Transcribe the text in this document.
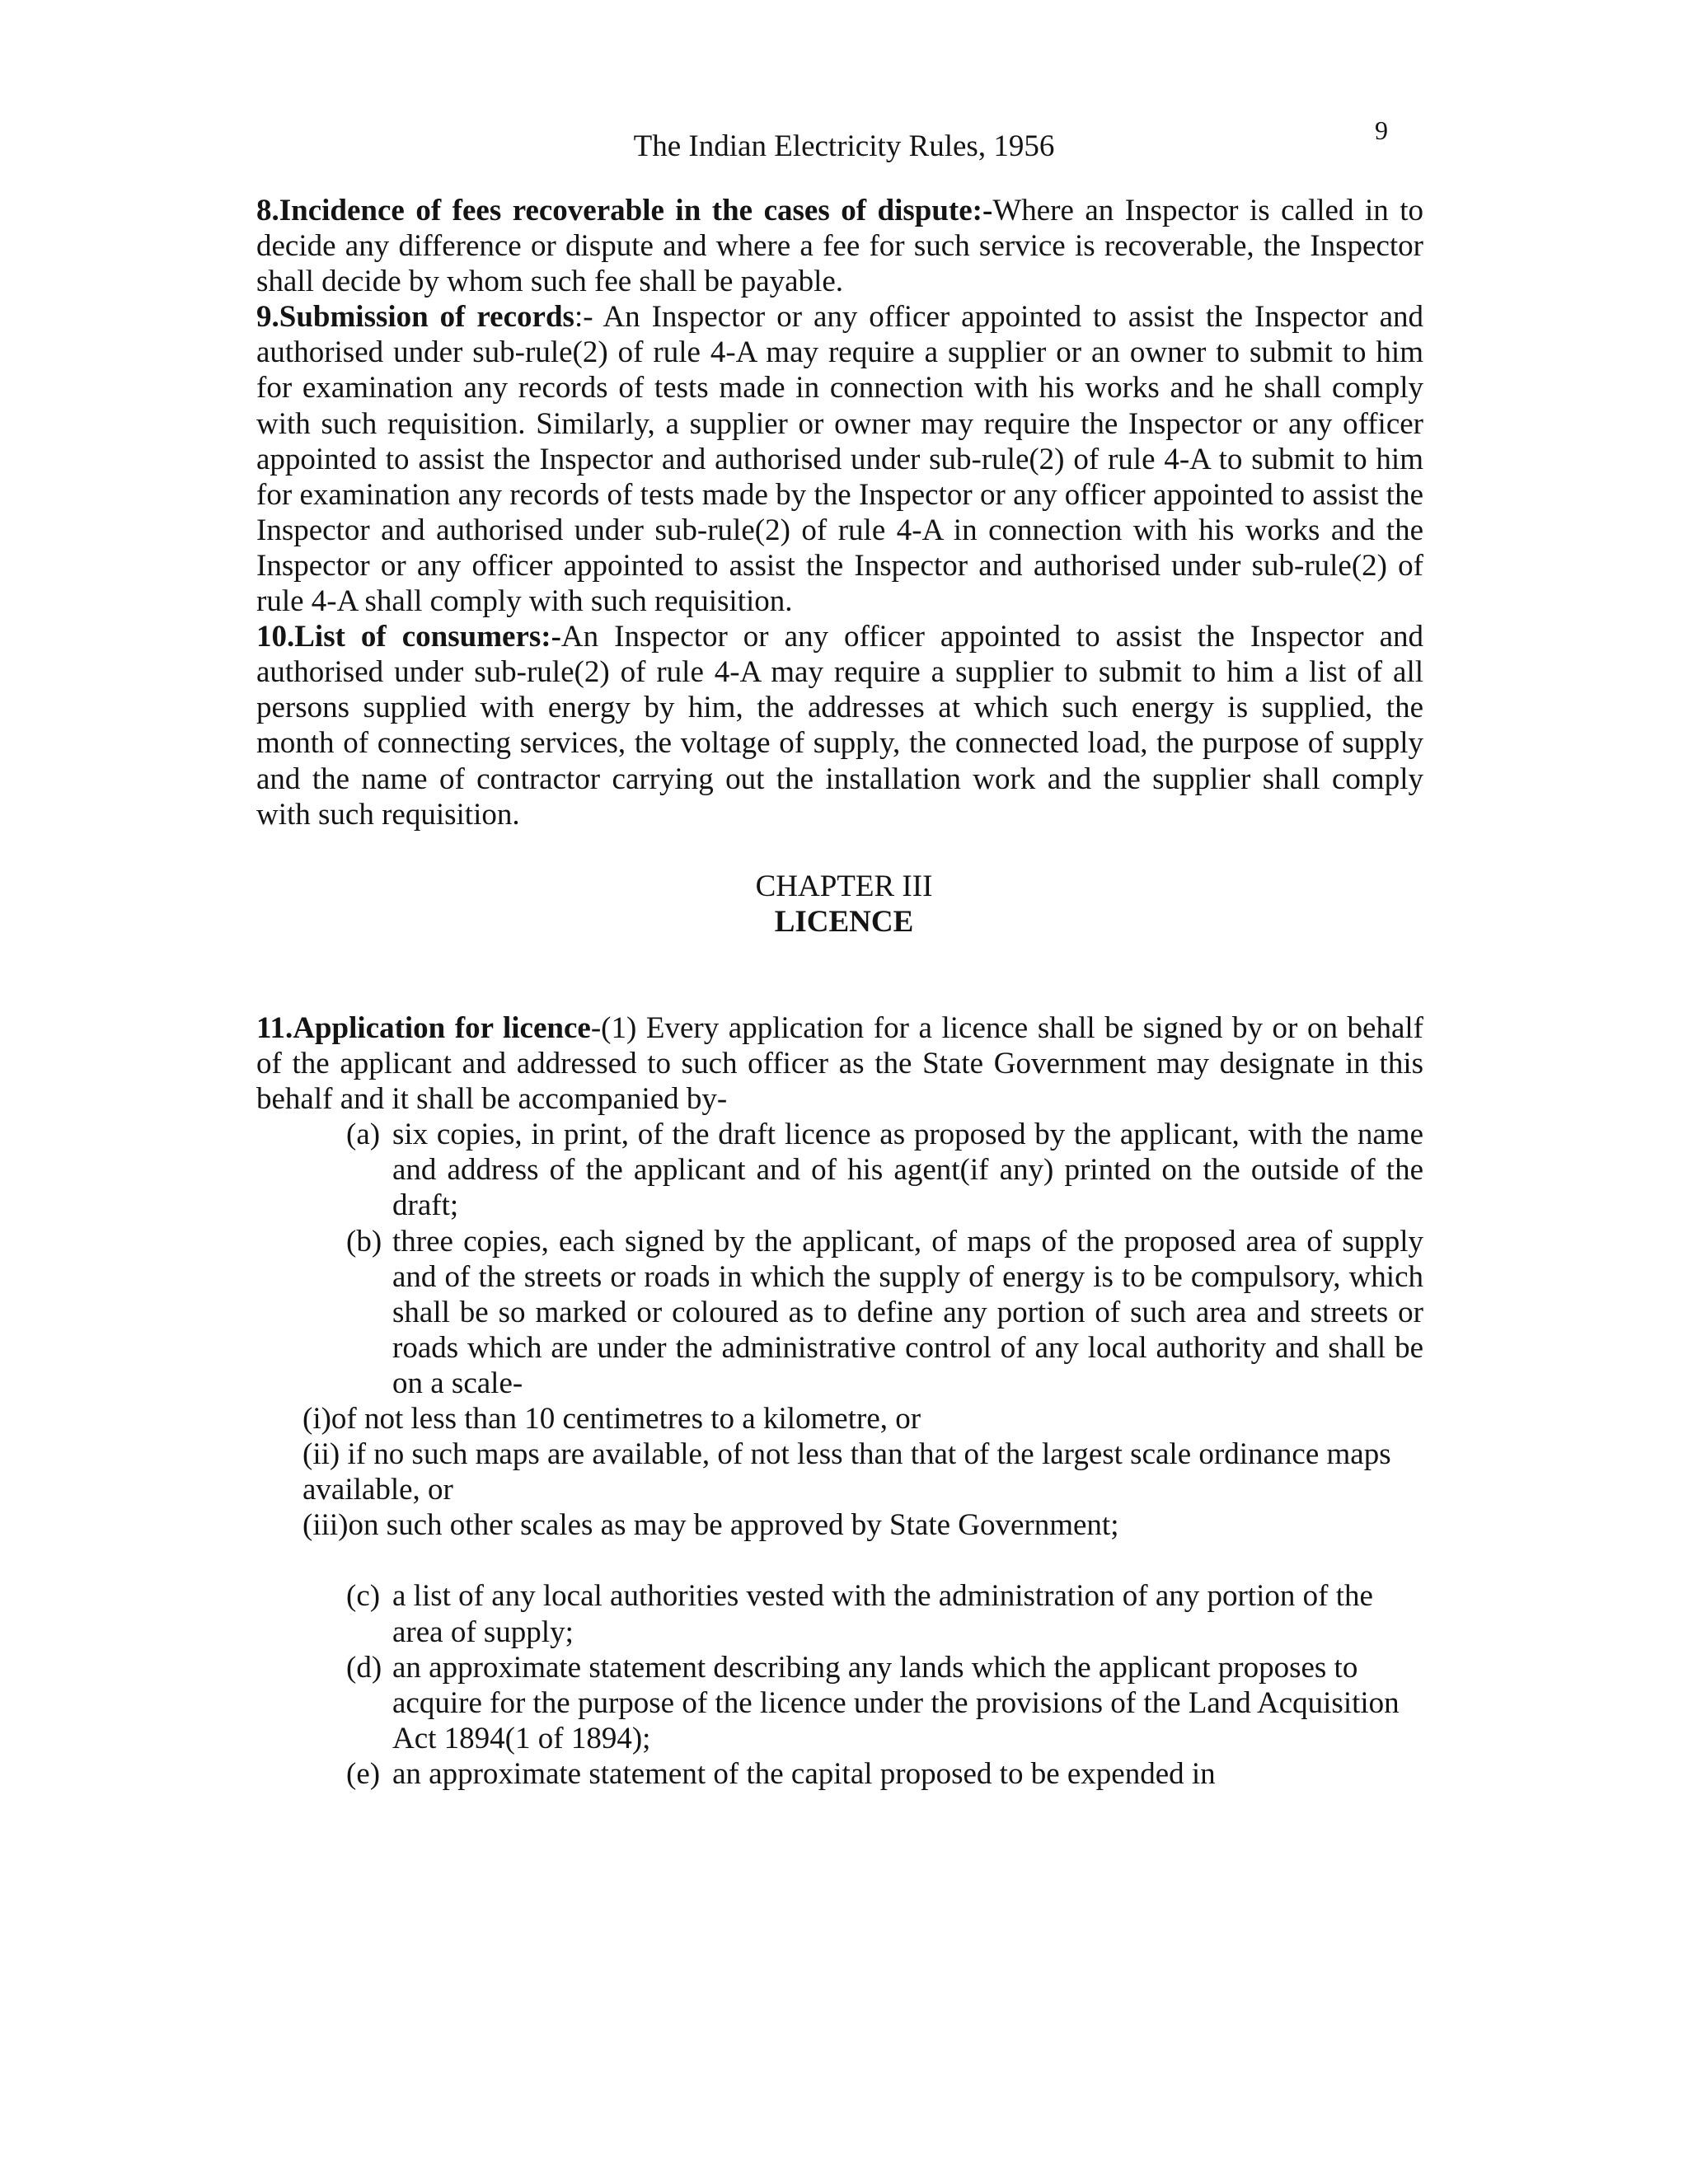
9
The Indian Electricity Rules, 1956

8.Incidence of fees recoverable in the cases of dispute:-Where an Inspector is called in to decide any difference or dispute and where a fee for such service is recoverable, the Inspector shall decide by whom such fee shall be payable.

9.Submission of records:- An Inspector or any officer appointed to assist the Inspector and authorised under sub-rule(2) of rule 4-A may require a supplier or an owner to submit to him for examination any records of tests made in connection with his works and he shall comply with such requisition. Similarly, a supplier or owner may require the Inspector or any officer appointed to assist the Inspector and authorised under sub-rule(2) of rule 4-A to submit to him for examination any records of tests made by the Inspector or any officer appointed to assist the Inspector and authorised under sub-rule(2) of rule 4-A in connection with his works and the Inspector or any officer appointed to assist the Inspector and authorised under sub-rule(2) of rule 4-A shall comply with such requisition.

10.List of consumers:-An Inspector or any officer appointed to assist the Inspector and authorised under sub-rule(2) of rule 4-A may require a supplier to submit to him a list of all persons supplied with energy by him, the addresses at which such energy is supplied, the month of connecting services, the voltage of supply, the connected load, the purpose of supply and the name of contractor carrying out the installation work and the supplier shall comply with such requisition.

CHAPTER III
LICENCE

11.Application for licence-(1) Every application for a licence shall be signed by or on behalf of the applicant and addressed to such officer as the State Government may designate in this behalf and it shall be accompanied by-

(a) six copies, in print, of the draft licence as proposed by the applicant, with the name and address of the applicant and of his agent(if any) printed on the outside of the draft;
(b) three copies, each signed by the applicant, of maps of the proposed area of supply and of the streets or roads in which the supply of energy is to be compulsory, which shall be so marked or coloured as to define any portion of such area and streets or roads which are under the administrative control of any local authority and shall be on a scale-
(i)of not less than 10 centimetres to a kilometre, or
(ii) if no such maps are available, of not less than that of the largest scale ordinance maps available, or
(iii)on such other scales as may be approved by State Government;
(c) a list of any local authorities vested with the administration of any portion of the area of supply;
(d) an approximate statement describing any lands which the applicant proposes to acquire for the purpose of the licence under the provisions of the Land Acquisition Act 1894(1 of 1894);
(e) an approximate statement of the capital proposed to be expended in
